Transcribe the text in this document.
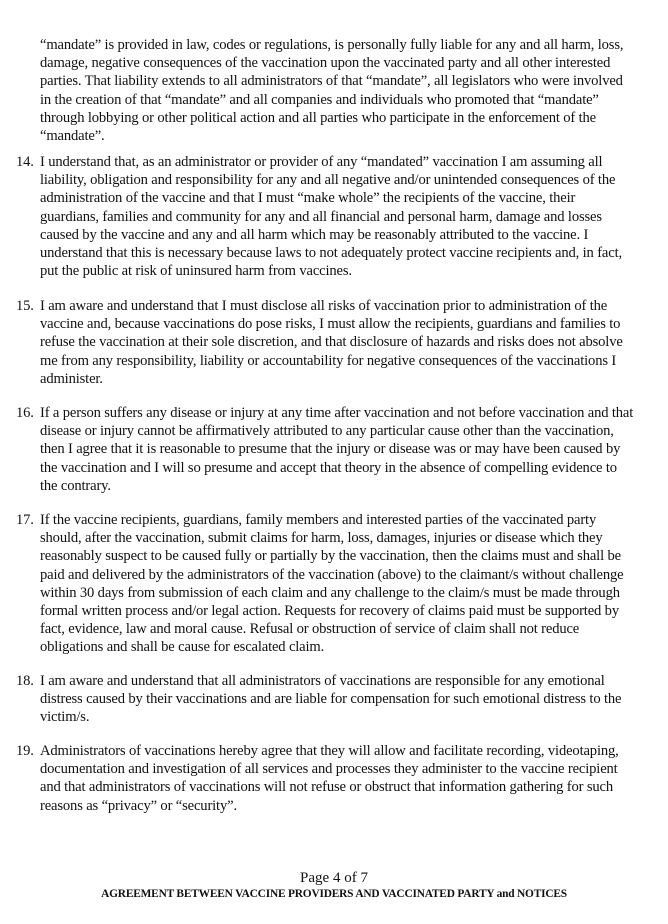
“mandate” is provided in law, codes or regulations, is personally fully liable for any and all harm, loss,
damage, negative consequences of the vaccination upon the vaccinated party and all other interested
parties. That liability extends to all administrators of that “mandate”, all legislators who were involved
in the creation of that “mandate” and all companies and individuals who promoted that “mandate”
through lobbying or other political action and all parties who participate in the enforcement of the
“mandate”.
14. I understand that, as an administrator or provider of any “mandated” vaccination I am assuming all
liability, obligation and responsibility for any and all negative and/or unintended consequences of the
administration of the vaccine and that I must “make whole” the recipients of the vaccine, their
guardians, families and community for any and all financial and personal harm, damage and losses
caused by the vaccine and any and all harm which may be reasonably attributed to the vaccine. I
understand that this is necessary because laws to not adequately protect vaccine recipients and, in fact,
put the public at risk of uninsured harm from vaccines.
15. I am aware and understand that I must disclose all risks of vaccination prior to administration of the
vaccine and, because vaccinations do pose risks, I must allow the recipients, guardians and families to
refuse the vaccination at their sole discretion, and that disclosure of hazards and risks does not absolve
me from any responsibility, liability or accountability for negative consequences of the vaccinations I
administer.
16. If a person suffers any disease or injury at any time after vaccination and not before vaccination and that
disease or injury cannot be affirmatively attributed to any particular cause other than the vaccination,
then I agree that it is reasonable to presume that the injury or disease was or may have been caused by
the vaccination and I will so presume and accept that theory in the absence of compelling evidence to
the contrary.
17. If the vaccine recipients, guardians, family members and interested parties of the vaccinated party
should, after the vaccination, submit claims for harm, loss, damages, injuries or disease which they
reasonably suspect to be caused fully or partially by the vaccination, then the claims must and shall be
paid and delivered by the administrators of the vaccination (above) to the claimant/s without challenge
within 30 days from submission of each claim and any challenge to the claim/s must be made through
formal written process and/or legal action. Requests for recovery of claims paid must be supported by
fact, evidence, law and moral cause. Refusal or obstruction of service of claim shall not reduce
obligations and shall be cause for escalated claim.
18. I am aware and understand that all administrators of vaccinations are responsible for any emotional
distress caused by their vaccinations and are liable for compensation for such emotional distress to the
victim/s.
19. Administrators of vaccinations hereby agree that they will allow and facilitate recording, videotaping,
documentation and investigation of all services and processes they administer to the vaccine recipient
and that administrators of vaccinations will not refuse or obstruct that information gathering for such
reasons as “privacy” or “security”.
Page 4 of 7
AGREEMENT BETWEEN VACCINE PROVIDERS AND VACCINATED PARTY and NOTICES
